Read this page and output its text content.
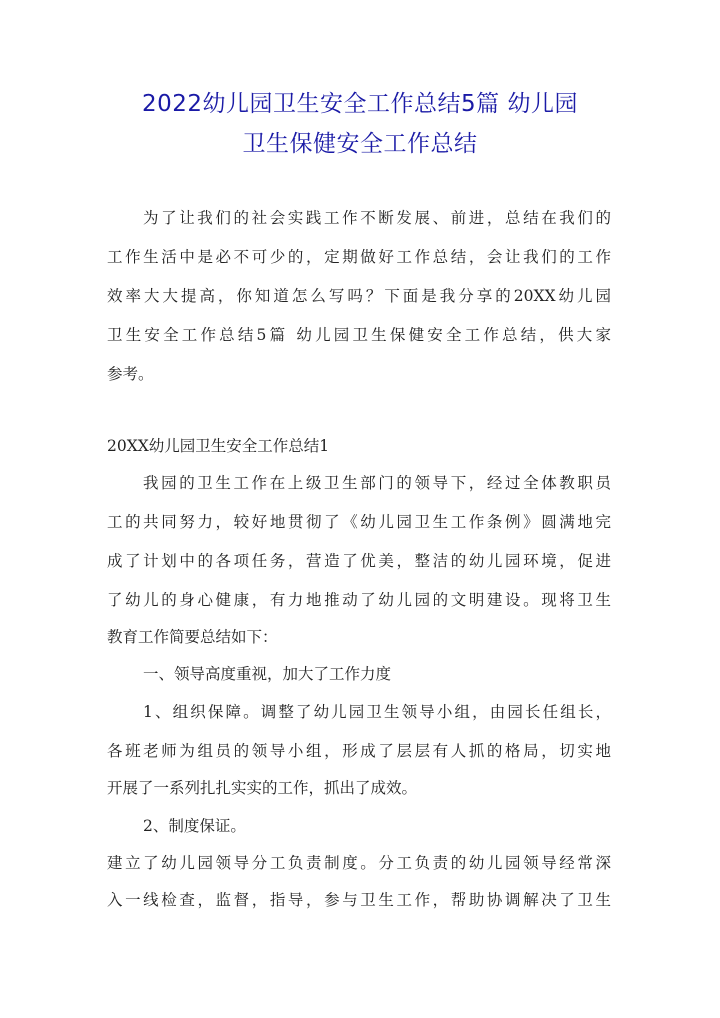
2022幼儿园卫生安全工作总结5篇 幼儿园
卫生保健安全工作总结
为了让我们的社会实践工作不断发展、前进，总结在我们的
工作生活中是必不可少的，定期做好工作总结，会让我们的工作
效率大大提高，你知道怎么写吗？下面是我分享的20XX幼儿园
卫生安全工作总结5篇 幼儿园卫生保健安全工作总结，供大家
参考。
20XX幼儿园卫生安全工作总结1
我园的卫生工作在上级卫生部门的领导下，经过全体教职员
工的共同努力，较好地贯彻了《幼儿园卫生工作条例》圆满地完
成了计划中的各项任务，营造了优美，整洁的幼儿园环境，促进
了幼儿的身心健康，有力地推动了幼儿园的文明建设。现将卫生
教育工作简要总结如下：
一、领导高度重视，加大了工作力度
1、组织保障。调整了幼儿园卫生领导小组，由园长任组长，
各班老师为组员的领导小组，形成了层层有人抓的格局，切实地
开展了一系列扎扎实实的工作，抓出了成效。
2、制度保证。
建立了幼儿园领导分工负责制度。分工负责的幼儿园领导经常深
入一线检查，监督，指导，参与卫生工作，帮助协调解决了卫生
